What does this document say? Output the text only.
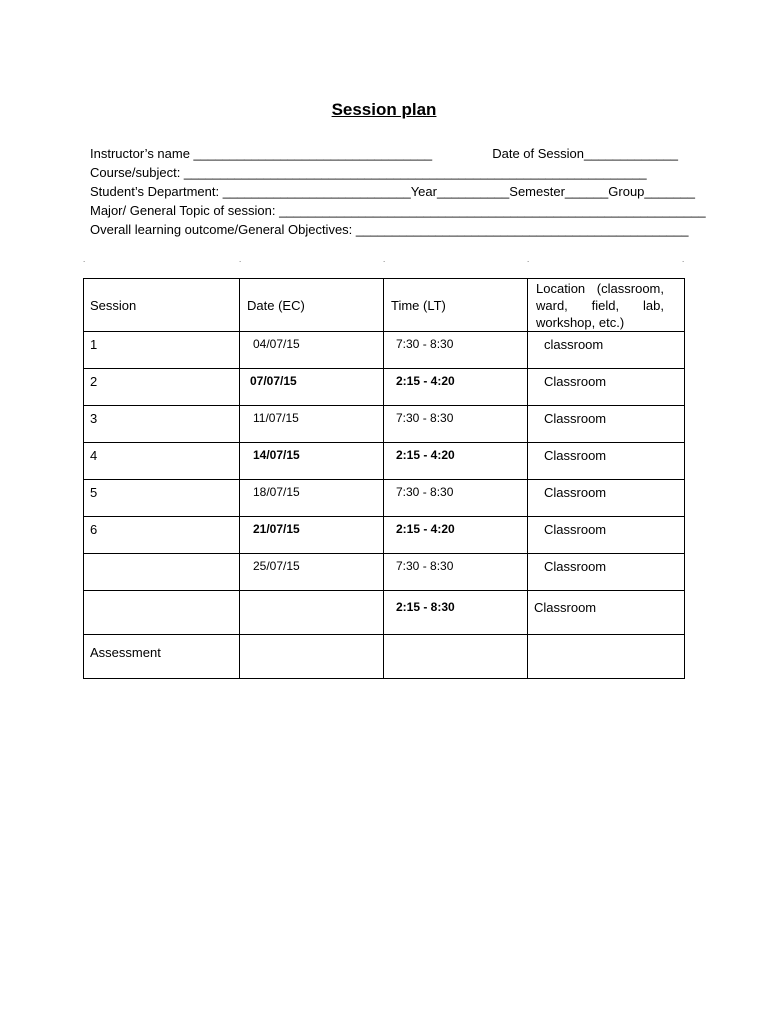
Session plan
Instructor’s name _________________________________	Date of Session_____________
Course/subject: ________________________________________________________________
Student’s Department: __________________________Year__________Semester______Group_______
Major/ General Topic of session: ___________________________________________________________
Overall learning outcome/General Objectives: ______________________________________________
.	.	.	.	.
Session	Date (EC)	Time (LT)	Location (classroom, ward, field, lab, workshop, etc.)

1	04/07/15	7:30 - 8:30	classroom

2	07/07/15	2:15 - 4:20	Classroom

3	11/07/15	7:30 - 8:30	Classroom

4	14/07/15	2:15 - 4:20	Classroom

5	18/07/15	7:30 - 8:30	Classroom

6	21/07/15	2:15 - 4:20	Classroom

	25/07/15	7:30 - 8:30	Classroom

		2:15 - 8:30	Classroom

Assessment			
